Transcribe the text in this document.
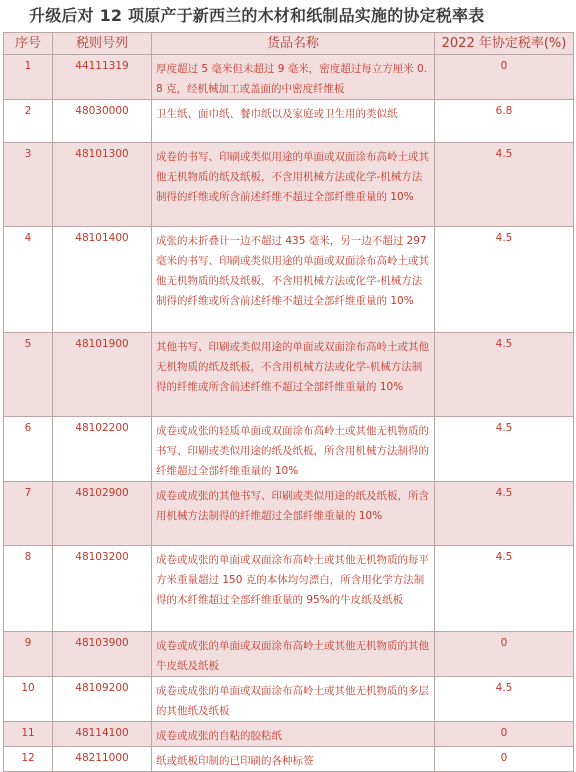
升级后对 12 项原产于新西兰的木材和纸制品实施的协定税率表
序号	税则号列	货品名称	2022 年协定税率(%)
1	44111319	厚度超过 5 毫米但未超过 9 毫米，密度超过每立方厘米 0.8 克，经机械加工或盖面的中密度纤维板	0
2	48030000	卫生纸、面巾纸、餐巾纸以及家庭或卫生用的类似纸	6.8
3	48101300	成卷的书写、印刷或类似用途的单面或双面涂布高岭土或其他无机物质的纸及纸板，不含用机械方法或化学-机械方法制得的纤维或所含前述纤维不超过全部纤维重量的 10%	4.5
4	48101400	成张的未折叠计一边不超过 435 毫米，另一边不超过 297 毫米的书写、印刷或类似用途的单面或双面涂布高岭土或其他无机物质的纸及纸板，不含用机械方法或化学-机械方法制得的纤维或所含前述纤维不超过全部纤维重量的 10%	4.5
5	48101900	其他书写、印刷或类似用途的单面或双面涂布高岭土或其他无机物质的纸及纸板，不含用机械方法或化学-机械方法制得的纤维或所含前述纤维不超过全部纤维重量的 10%	4.5
6	48102200	成卷或成张的轻质单面或双面涂布高岭土或其他无机物质的书写、印刷或类似用途的纸及纸板，所含用机械方法制得的纤维超过全部纤维重量的 10%	4.5
7	48102900	成卷或成张的其他书写、印刷或类似用途的纸及纸板，所含用机械方法制得的纤维超过全部纤维重量的 10%	4.5
8	48103200	成卷或成张的单面或双面涂布高岭土或其他无机物质的每平方米重量超过 150 克的本体均匀漂白，所含用化学方法制得的木纤维超过全部纤维重量的 95%的牛皮纸及纸板	4.5
9	48103900	成卷或成张的单面或双面涂布高岭土或其他无机物质的其他牛皮纸及纸板	0
10	48109200	成卷或成张的单面或双面涂布高岭土或其他无机物质的多层的其他纸及纸板	4.5
11	48114100	成卷或成张的自粘的胶粘纸	0
12	48211000	纸或纸板印制的已印刷的各种标签	0
